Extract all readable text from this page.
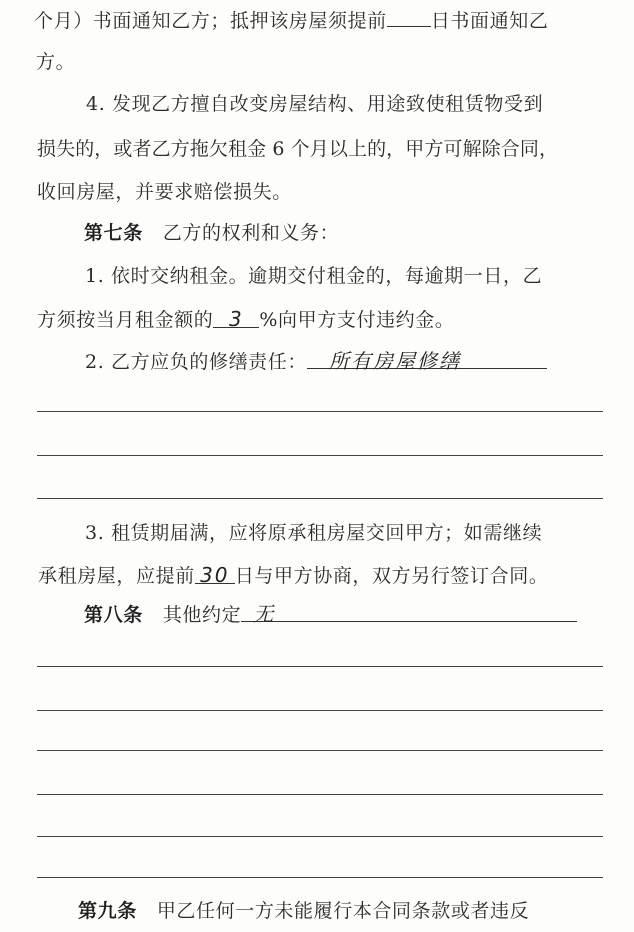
个月）书面通知乙方；抵押该房屋须提前 日书面通知乙
方。
4. 发现乙方擅自改变房屋结构、用途致使租赁物受到
损失的，或者乙方拖欠租金 6 个月以上的，甲方可解除合同，
收回房屋，并要求赔偿损失。
第七条 乙方的权利和义务：
1. 依时交纳租金。逾期交付租金的，每逾期一日，乙
方须按当月租金额的 3 %向甲方支付违约金。
2. 乙方应负的修缮责任： 所有房屋修缮
3. 租赁期届满，应将原承租房屋交回甲方；如需继续
承租房屋，应提前 30 日与甲方协商，双方另行签订合同。
第八条 其他约定 无
第九条 甲乙任何一方未能履行本合同条款或者违反
